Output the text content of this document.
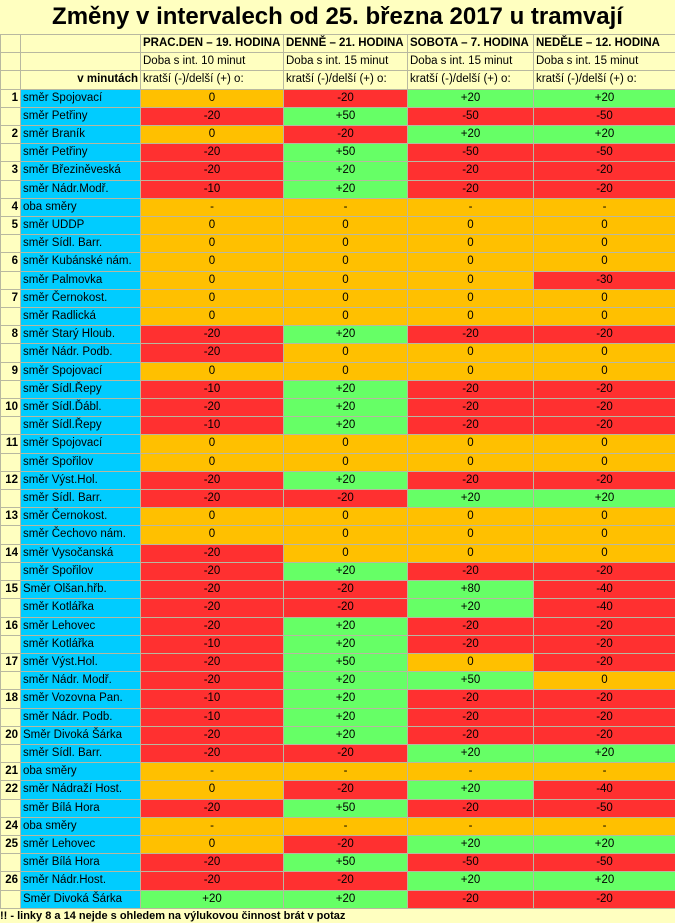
Změny v intervalech od 25. března 2017 u tramvají
		PRAC.DEN – 19. HODINA	DENNĚ – 21. HODINA	SOBOTA – 7. HODINA	NEDĚLE – 12. HODINA
		Doba s int. 10 minut	Doba s int. 15 minut	Doba s int. 15 minut	Doba s int. 15 minut
	v minutách	kratší (-)/delší (+) o:	kratší (-)/delší (+) o:	kratší (-)/delší (+) o:	kratší (-)/delší (+) o:
1	směr Spojovací	0	-20	+20	+20
	směr Petřiny	-20	+50	-50	-50
2	směr Braník	0	-20	+20	+20
	směr Petřiny	-20	+50	-50	-50
3	směr Březiněveská	-20	+20	-20	-20
	směr Nádr.Modř.	-10	+20	-20	-20
4	oba směry	-	-	-	-
5	směr UDDP	0	0	0	0
	směr Sídl. Barr.	0	0	0	0
6	směr Kubánské nám.	0	0	0	0
	směr Palmovka	0	0	0	-30
7	směr Černokost.	0	0	0	0
	směr Radlická	0	0	0	0
8	směr Starý Hloub.	-20	+20	-20	-20
	směr Nádr. Podb.	-20	0	0	0
9	směr Spojovací	0	0	0	0
	směr Sídl.Řepy	-10	+20	-20	-20
10	směr Sídl.Ďábl.	-20	+20	-20	-20
	směr Sídl.Řepy	-10	+20	-20	-20
11	směr Spojovací	0	0	0	0
	směr Spořilov	0	0	0	0
12	směr Výst.Hol.	-20	+20	-20	-20
	směr Sídl. Barr.	-20	-20	+20	+20
13	směr Černokost.	0	0	0	0
	směr Čechovo nám.	0	0	0	0
14	směr Vysočanská	-20	0	0	0
	směr Spořilov	-20	+20	-20	-20
15	Směr Olšan.hřb.	-20	-20	+80	-40
	směr Kotlářka	-20	-20	+20	-40
16	směr Lehovec	-20	+20	-20	-20
	směr Kotlářka	-10	+20	-20	-20
17	směr Výst.Hol.	-20	+50	0	-20
	směr Nádr. Modř.	-20	+20	+50	0
18	směr Vozovna Pan.	-10	+20	-20	-20
	směr Nádr. Podb.	-10	+20	-20	-20
20	Směr Divoká Šárka	-20	+20	-20	-20
	směr Sídl. Barr.	-20	-20	+20	+20
21	oba směry	-	-	-	-
22	směr Nádraží Host.	0	-20	+20	-40
	směr Bílá Hora	-20	+50	-20	-50
24	oba směry	-	-	-	-
25	směr Lehovec	0	-20	+20	+20
	směr Bílá Hora	-20	+50	-50	-50
26	směr Nádr.Host.	-20	-20	+20	+20
	Směr Divoká Šárka	+20	+20	-20	-20
!! - linky 8 a 14 nejde s ohledem na výlukovou činnost brát v potaz
